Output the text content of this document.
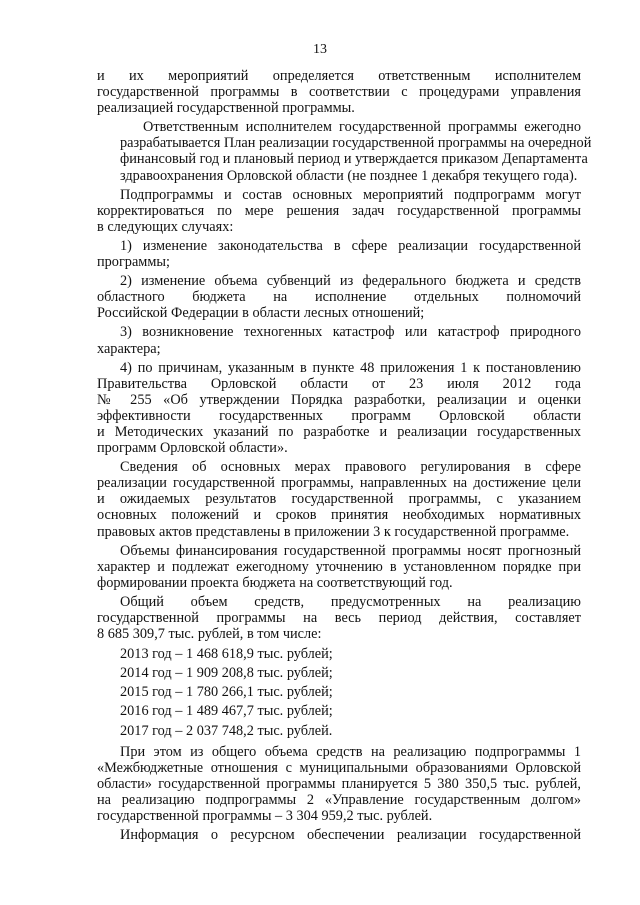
13
и их мероприятий определяется ответственным исполнителем
государственной программы в соответствии с процедурами управления
реализацией государственной программы.
Ответственным исполнителем государственной программы ежегодно
разрабатывается План реализации государственной программы на очередной
финансовый год и плановый период и утверждается приказом Департамента
здравоохранения Орловской области (не позднее 1 декабря текущего года).
Подпрограммы и состав основных мероприятий подпрограмм могут
корректироваться по мере решения задач государственной программы
в следующих случаях:
1) изменение законодательства в сфере реализации государственной
программы;
2) изменение объема субвенций из федерального бюджета и средств
областного бюджета на исполнение отдельных полномочий
Российской Федерации в области лесных отношений;
3) возникновение техногенных катастроф или катастроф природного
характера;
4) по причинам, указанным в пункте 48 приложения 1 к постановлению
Правительства Орловской области от 23 июля 2012 года
№ 255 «Об утверждении Порядка разработки, реализации и оценки
эффективности государственных программ Орловской области
и Методических указаний по разработке и реализации государственных
программ Орловской области».
Сведения об основных мерах правового регулирования в сфере
реализации государственной программы, направленных на достижение цели
и ожидаемых результатов государственной программы, с указанием
основных положений и сроков принятия необходимых нормативных
правовых актов представлены в приложении 3 к государственной программе.
Объемы финансирования государственной программы носят прогнозный
характер и подлежат ежегодному уточнению в установленном порядке при
формировании проекта бюджета на соответствующий год.
Общий объем средств, предусмотренных на реализацию
государственной программы на весь период действия, составляет
8 685 309,7 тыс. рублей, в том числе:
2013 год – 1 468 618,9 тыс. рублей;
2014 год – 1 909 208,8 тыс. рублей;
2015 год – 1 780 266,1 тыс. рублей;
2016 год – 1 489 467,7 тыс. рублей;
2017 год – 2 037 748,2 тыс. рублей.
При этом из общего объема средств на реализацию подпрограммы 1
«Межбюджетные отношения с муниципальными образованиями Орловской
области» государственной программы планируется 5 380 350,5 тыс. рублей,
на реализацию подпрограммы 2 «Управление государственным долгом»
государственной программы – 3 304 959,2 тыс. рублей.
Информация о ресурсном обеспечении реализации государственной
